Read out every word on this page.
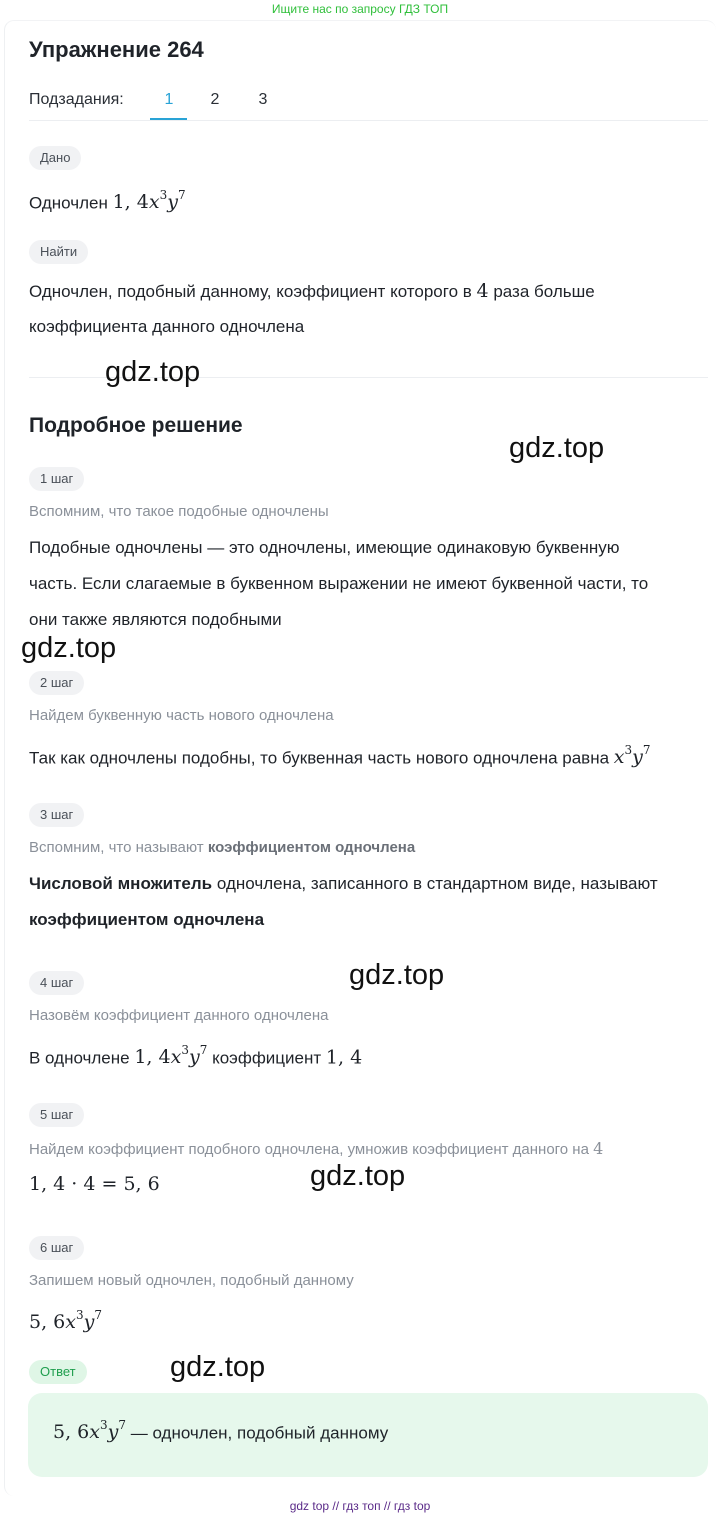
Ищите нас по запросу ГДЗ ТОП
Упражнение 264
Подзадания:	1	2	3
Дано
Одночлен 1, $4x^3y^7$
Найти
Одночлен, подобный данному, коэффициент которого в 4 раза больше
коэффициента данного одночлена
Подробное решение
1 шаг
Вспомним, что такое подобные одночлены
Подобные одночлены — это одночлены, имеющие одинаковую буквенную
часть. Если слагаемые в буквенном выражении не имеют буквенной части, то
они также являются подобными
2 шаг
Найдем буквенную часть нового одночлена
Так как одночлены подобны, то буквенная часть нового одночлена равна $x^3y^7$
3 шаг
Вспомним, что называют коэффициентом одночлена
Числовой множитель одночлена, записанного в стандартном виде, называют
коэффициентом одночлена
4 шаг
Назовём коэффициент данного одночлена
В одночлене 1, $4x^3y^7$ коэффициент 1, 4
5 шаг
Найдем коэффициент подобного одночлена, умножив коэффициент данного на 4
1, 4 · 4 = 5, 6
6 шаг
Запишем новый одночлен, подобный данному
5, $6x^3y^7$
Ответ
5, $6x^3y^7$ — одночлен, подобный данному
gdz.top
gdz.top
gdz.top
gdz.top
gdz.top
gdz.top
gdz top // гдз топ // гдз top
